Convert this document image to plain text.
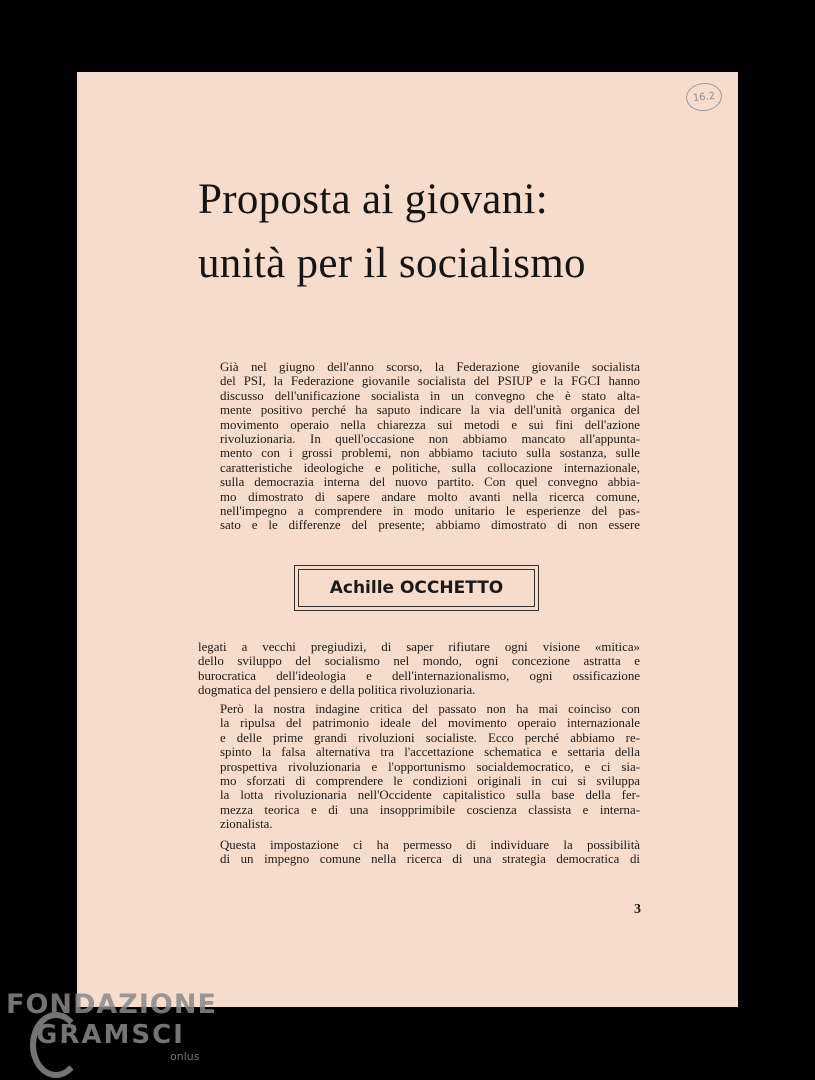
16.2
Proposta ai giovani:
unità per il socialismo

Già nel giugno dell'anno scorso, la Federazione giovanile socialista
del PSI, la Federazione giovanile socialista del PSIUP e la FGCI hanno
discusso dell'unificazione socialista in un convegno che è stato alta-
mente positivo perché ha saputo indicare la via dell'unità organica del
movimento operaio nella chiarezza sui metodi e sui fini dell'azione
rivoluzionaria. In quell'occasione non abbiamo mancato all'appunta-
mento con i grossi problemi, non abbiamo taciuto sulla sostanza, sulle
caratteristiche ideologiche e politiche, sulla collocazione internazionale,
sulla democrazia interna del nuovo partito. Con quel convegno abbia-
mo dimostrato di sapere andare molto avanti nella ricerca comune,
nell'impegno a comprendere in modo unitario le esperienze del pas-
sato e le differenze del presente; abbiamo dimostrato di non essere

Achille OCCHETTO

legati a vecchi pregiudizi, di saper rifiutare ogni visione «mitica»
dello sviluppo del socialismo nel mondo, ogni concezione astratta e
burocratica dell'ideologia e dell'internazionalismo, ogni ossificazione
dogmatica del pensiero e della politica rivoluzionaria.

Però la nostra indagine critica del passato non ha mai coinciso con
la ripulsa del patrimonio ideale del movimento operaio internazionale
e delle prime grandi rivoluzioni socialiste. Ecco perché abbiamo re-
spinto la falsa alternativa tra l'accettazione schematica e settaria della
prospettiva rivoluzionaria e l'opportunismo socialdemocratico, e ci sia-
mo sforzati di comprendere le condizioni originali in cui si sviluppa
la lotta rivoluzionaria nell'Occidente capitalistico sulla base della fer-
mezza teorica e di una insopprimibile coscienza classista e interna-
zionalista.

Questa impostazione ci ha permesso di individuare la possibilità
di un impegno comune nella ricerca di una strategia democratica di

3
FONDAZIONE
GRAMSCI
onlus
